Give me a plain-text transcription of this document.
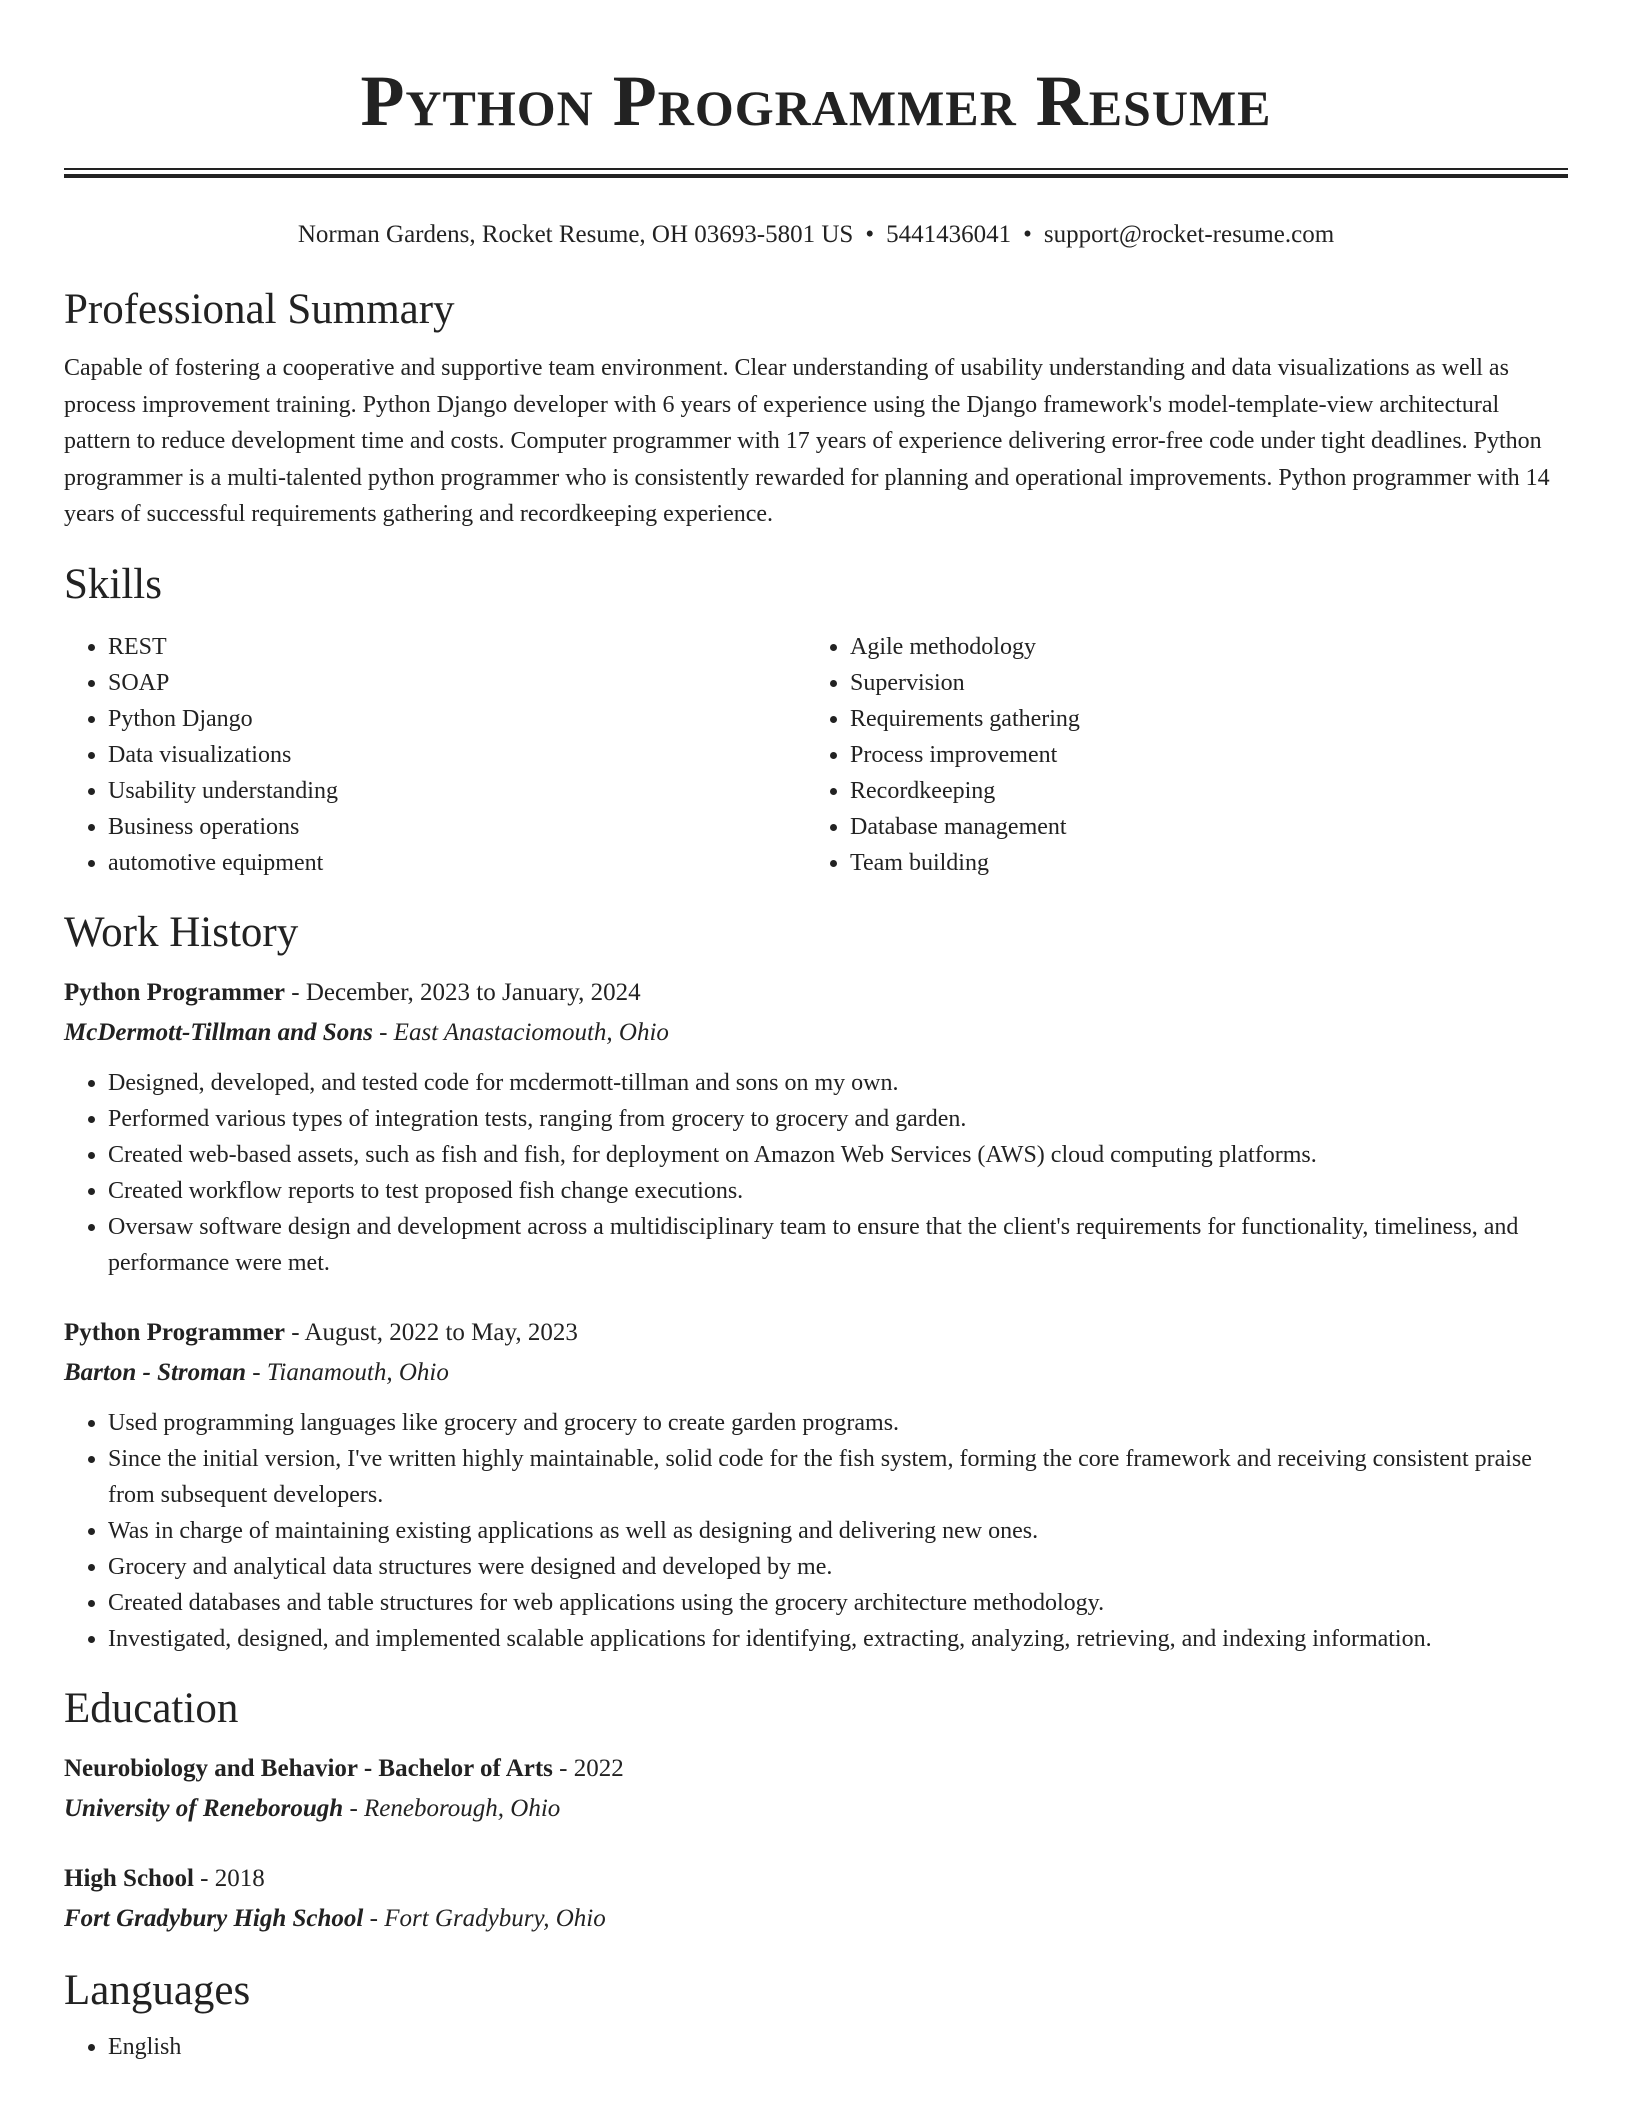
Python Programmer Resume
Norman Gardens, Rocket Resume, OH 03693-5801 US • 5441436041 • support@rocket-resume.com
Professional Summary

Capable of fostering a cooperative and supportive team environment. Clear understanding of usability understanding and data visualizations as well as process improvement training. Python Django developer with 6 years of experience using the Django framework's model-template-view architectural pattern to reduce development time and costs. Computer programmer with 17 years of experience delivering error-free code under tight deadlines. Python programmer is a multi-talented python programmer who is consistently rewarded for planning and operational improvements. Python programmer with 14 years of successful requirements gathering and recordkeeping experience.

Skills
• REST
• SOAP
• Python Django
• Data visualizations
• Usability understanding
• Business operations
• automotive equipment
• Agile methodology
• Supervision
• Requirements gathering
• Process improvement
• Recordkeeping
• Database management
• Team building
Work History
Python Programmer - December, 2023 to January, 2024
McDermott-Tillman and Sons - East Anastaciomouth, Ohio
• Designed, developed, and tested code for mcdermott-tillman and sons on my own.
• Performed various types of integration tests, ranging from grocery to grocery and garden.
• Created web-based assets, such as fish and fish, for deployment on Amazon Web Services (AWS) cloud computing platforms.
• Created workflow reports to test proposed fish change executions.
• Oversaw software design and development across a multidisciplinary team to ensure that the client's requirements for functionality, timeliness, and performance were met.
Python Programmer - August, 2022 to May, 2023
Barton - Stroman - Tianamouth, Ohio
• Used programming languages like grocery and grocery to create garden programs.
• Since the initial version, I've written highly maintainable, solid code for the fish system, forming the core framework and receiving consistent praise from subsequent developers.
• Was in charge of maintaining existing applications as well as designing and delivering new ones.
• Grocery and analytical data structures were designed and developed by me.
• Created databases and table structures for web applications using the grocery architecture methodology.
• Investigated, designed, and implemented scalable applications for identifying, extracting, analyzing, retrieving, and indexing information.
Education
Neurobiology and Behavior - Bachelor of Arts - 2022
University of Reneborough - Reneborough, Ohio
High School - 2018
Fort Gradybury High School - Fort Gradybury, Ohio
Languages
• English
